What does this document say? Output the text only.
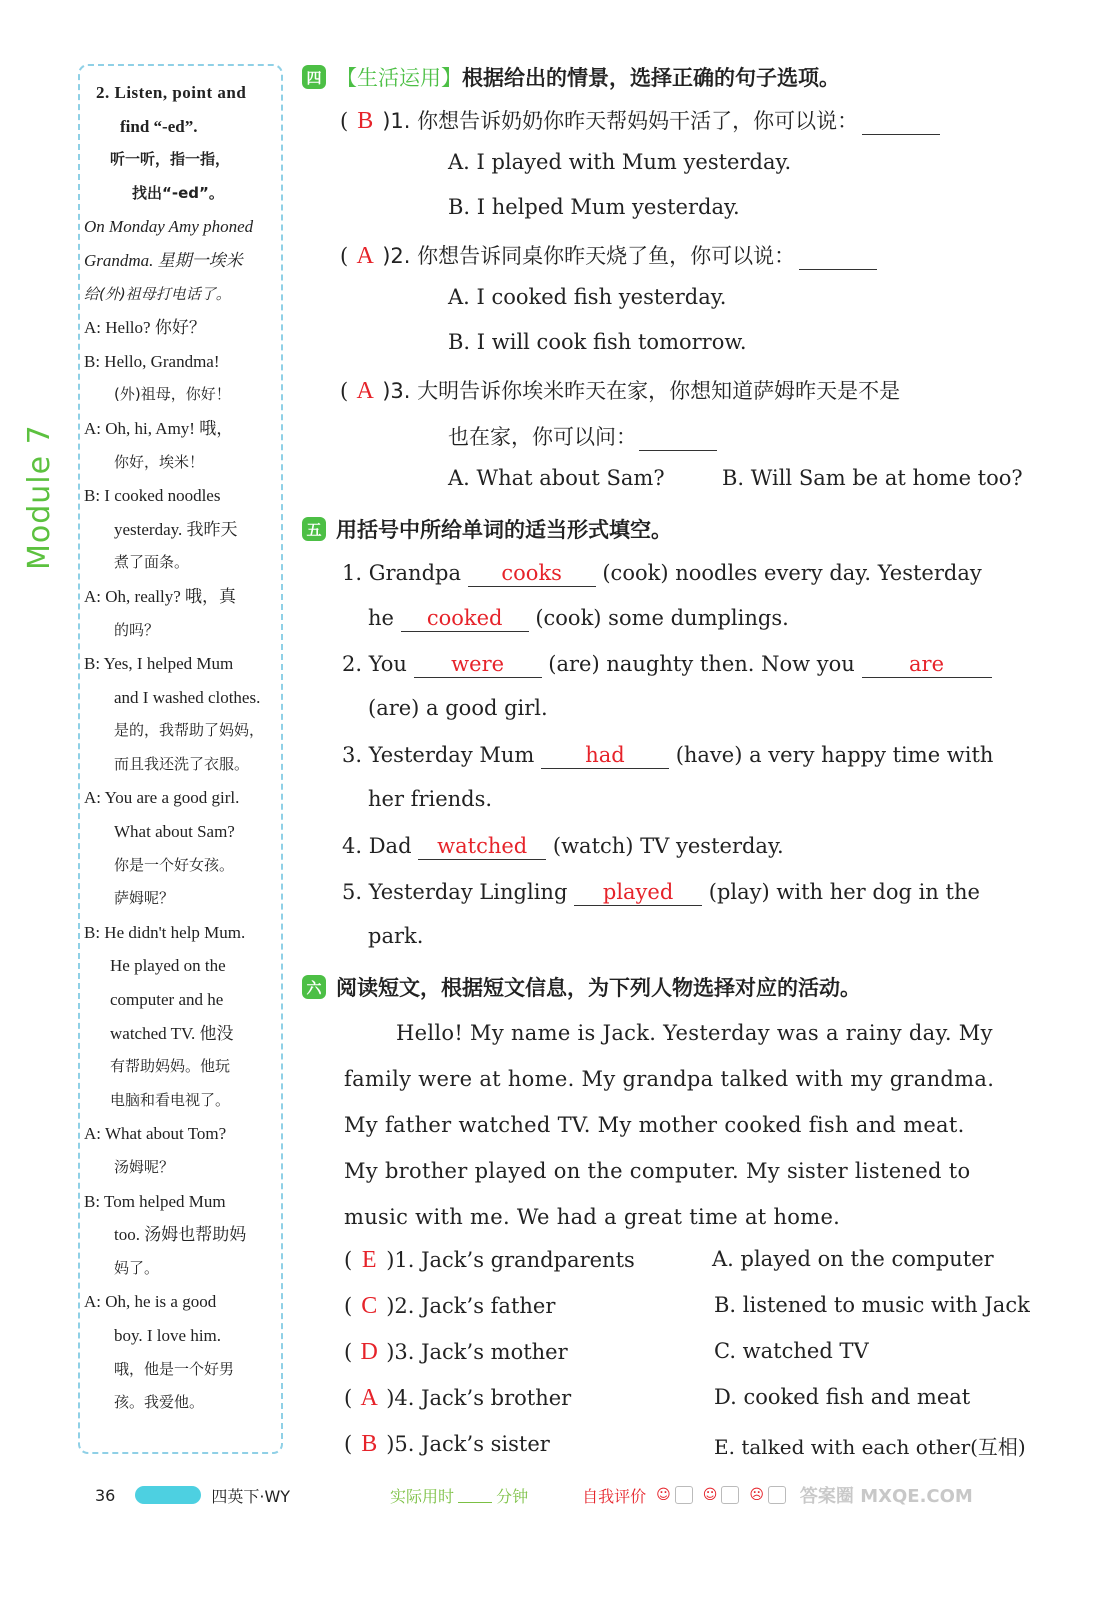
2. Listen, point and
find “-ed”.
听一听，指一指，
找出“-ed”。
On Monday Amy phoned
Grandma. 星期一埃米
给(外)祖母打电话了。
A: Hello? 你好？
B: Hello, Grandma!
(外)祖母，你好！
A: Oh, hi, Amy! 哦，
你好，埃米！
B: I cooked noodles
yesterday. 我昨天
煮了面条。
A: Oh, really? 哦，真
的吗？
B: Yes, I helped Mum
and I washed clothes.
是的，我帮助了妈妈，
而且我还洗了衣服。
A: You are a good girl.
What about Sam?
你是一个好女孩。
萨姆呢？
B: He didn't help Mum.
He played on the
computer and he
watched TV. 他没
有帮助妈妈。他玩
电脑和看电视了。
A: What about Tom?
汤姆呢？
B: Tom helped Mum
too. 汤姆也帮助妈
妈了。
A: Oh, he is a good
boy. I love him.
哦，他是一个好男
孩。我爱他。
Module 7
四 【生活运用】 根据给出的情景，选择正确的句子选项。
( B )1. 你想告诉奶奶你昨天帮妈妈干活了，你可以说：
A. I played with Mum yesterday.
B. I helped Mum yesterday.
( A )2. 你想告诉同桌你昨天烧了鱼，你可以说：
A. I cooked fish yesterday.
B. I will cook fish tomorrow.
( A )3. 大明告诉你埃米昨天在家，你想知道萨姆昨天是不是
也在家，你可以问：
A. What about Sam?	B. Will Sam be at home too?
五 用括号中所给单词的适当形式填空。
1. Grandpa cooks (cook) noodles every day. Yesterday
he cooked (cook) some dumplings.
2. You were (are) naughty then. Now you	are
(are) a good girl.
3. Yesterday Mum had (have) a very happy time with
her friends.
4. Dad watched (watch) TV yesterday.
5. Yesterday Lingling played (play) with her dog in the
park.
六 阅读短文，根据短文信息，为下列人物选择对应的活动。
Hello! My name is Jack. Yesterday was a rainy day. My
family were at home. My grandpa talked with my grandma.
My father watched TV. My mother cooked fish and meat.
My brother played on the computer. My sister listened to
music with me. We had a great time at home.
( E )1. Jack’s grandparents	A. played on the computer
( C )2. Jack’s father	B. listened to music with Jack
( D )3. Jack’s mother	C. watched TV
( A )4. Jack’s brother	D. cooked fish and meat
( B )5. Jack’s sister	E. talked with each other(互相)
36	四英下·WY	实际用时	分钟	自我评价 ☺ ☺ ☹ 答案圈 MXQE.COM
